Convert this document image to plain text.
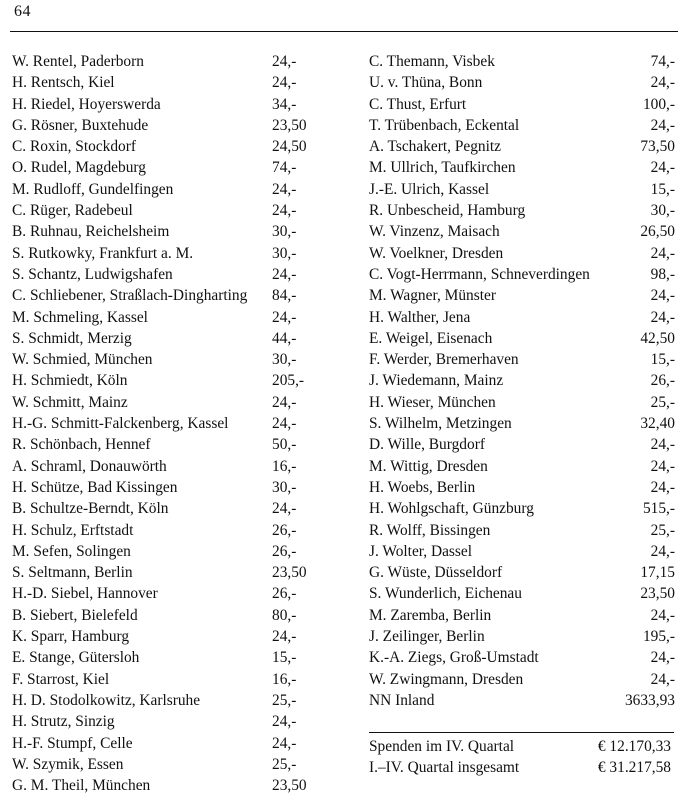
64
W. Rentel, Paderborn	24,-
H. Rentsch, Kiel	24,-
H. Riedel, Hoyerswerda	34,-
G. Rösner, Buxtehude	23,50
C. Roxin, Stockdorf	24,50
O. Rudel, Magdeburg	74,-
M. Rudloff, Gundelfingen	24,-
C. Rüger, Radebeul	24,-
B. Ruhnau, Reichelsheim	30,-
S. Rutkowky, Frankfurt a. M.	30,-
S. Schantz, Ludwigshafen	24,-
C. Schliebener, Straßlach-Dingharting 84,-
M. Schmeling, Kassel	24,-
S. Schmidt, Merzig	44,-
W. Schmied, München	30,-
H. Schmiedt, Köln	205,-
W. Schmitt, Mainz	24,-
H.-G. Schmitt-Falckenberg, Kassel	24,-
R. Schönbach, Hennef	50,-
A. Schraml, Donauwörth	16,-
H. Schütze, Bad Kissingen	30,-
B. Schultze-Berndt, Köln	24,-
H. Schulz, Erftstadt	26,-
M. Sefen, Solingen	26,-
S. Seltmann, Berlin	23,50
H.-D. Siebel, Hannover	26,-
B. Siebert, Bielefeld	80,-
K. Sparr, Hamburg	24,-
E. Stange, Gütersloh	15,-
F. Starrost, Kiel	16,-
H. D. Stodolkowitz, Karlsruhe	25,-
H. Strutz, Sinzig	24,-
H.-F. Stumpf, Celle	24,-
W. Szymik, Essen	25,-
G. M. Theil, München	23,50
C. Themann, Visbek	74,-
U. v. Thüna, Bonn	24,-
C. Thust, Erfurt	100,-
T. Trübenbach, Eckental	24,-
A. Tschakert, Pegnitz	73,50
M. Ullrich, Taufkirchen	24,-
J.-E. Ulrich, Kassel	15,-
R. Unbescheid, Hamburg	30,-
W. Vinzenz, Maisach	26,50
W. Voelkner, Dresden	24,-
C. Vogt-Herrmann, Schneverdingen	98,-
M. Wagner, Münster	24,-
H. Walther, Jena	24,-
E. Weigel, Eisenach	42,50
F. Werder, Bremerhaven	15,-
J. Wiedemann, Mainz	26,-
H. Wieser, München	25,-
S. Wilhelm, Metzingen	32,40
D. Wille, Burgdorf	24,-
M. Wittig, Dresden	24,-
H. Woebs, Berlin	24,-
H. Wohlgschaft, Günzburg	515,-
R. Wolff, Bissingen	25,-
J. Wolter, Dassel	24,-
G. Wüste, Düsseldorf	17,15
S. Wunderlich, Eichenau	23,50
M. Zaremba, Berlin	24,-
J. Zeilinger, Berlin	195,-
K.-A. Ziegs, Groß-Umstadt	24,-
W. Zwingmann, Dresden	24,-
NN Inland	3633,93
Spenden im IV. Quartal	€ 12.170,33
I.–IV. Quartal insgesamt	€ 31.217,58
